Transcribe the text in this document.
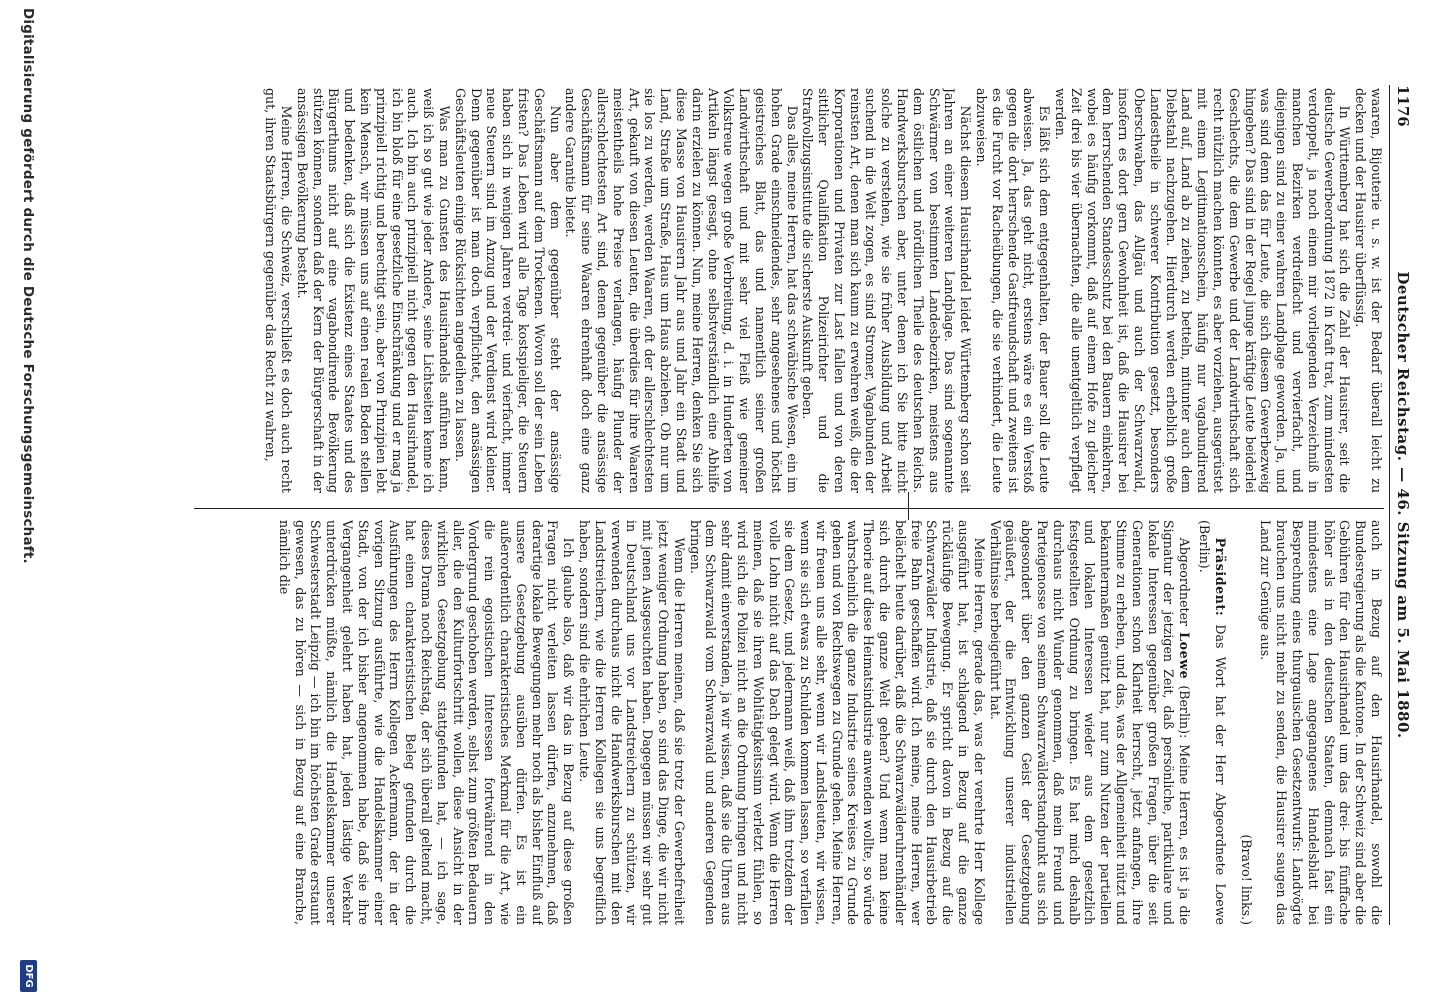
1176
Deutscher Reichstag. — 46. Sitzung am 5. Mai 1880.

waaren, Bijouterie u. s. w. ist der Bedarf überall leicht zu decken und der Hausirer überflüssig.

In Württemberg hat sich die Zahl der Hausirer, seit die deutsche Gewerbeordnung 1872 in Kraft trat, zum mindesten verdoppelt, ja noch einem mir vorliegenden Verzeichniß in manchen Bezirken verdreifacht und vervierfacht, und diejenigen sind zu einer wahren Landplage geworden. Ja, und was sind denn das für Leute, die sich diesem Gewerbezweig hingeben? Das sind in der Regel junge kräftige Leute beiderlei Geschlechts, die dem Gewerbe und der Landwirthschaft sich recht nützlich machen könnten, es aber vorziehen, ausgerüstet mit einem Legitimationsschein, häufig nur vagabundirend Land auf, Land ab zu ziehen, zu betteln, mitunter auch dem Diebstahl nachzugehen. Hierdurch werden erheblich große Landestheile in schwerer Kontribution gesetzt, besonders Oberschwaben, das Allgäu und auch der Schwarzwald, insofern es dort gern Gewohnheit ist, daß die Hausirer bei dem herrschenden Standesschutz bei den Bauern einkehren, wobei es häufig vorkommt, daß auf einem Hofe zu gleicher Zeit drei bis vier übernachten, die alle unentgeltlich verpflegt werden.

Es läßt sich dem entgegenhalten, der Bauer soll die Leute abweisen. Ja, das geht nicht, erstens wäre es ein Verstoß gegen die dort herrschende Gastfreundschaft und zweitens ist es die Furcht vor Racheübungen, die sie verhindert, die Leute abzuweisen.

Nächst diesem Hausirhandel leidet Württemberg schon seit Jahren an einer weiteren Landplage. Das sind sogenannte Schwärmer von bestimmten Landesbezirken, meistens aus dem östlichen und nördlichen Theile des deutschen Reichs. Handwerksburschen aber, unter denen ich Sie bitte nicht solche zu verstehen, wie sie früher Ausbildung und Arbeit suchend in die Welt zogen, es sind Stromer, Vagabunden der reinsten Art, denen man sich kaum zu erwehren weiß, die der Korporationen und Privaten zur Last fallen und von deren sittlicher Qualifikation Polizeirichter und die Strafvollzugsinstitute die sicherste Auskunft geben.

Das alles, meine Herren, hat das schwäbische Wesen, ein im hohen Grade einschneidendes, sehr angesehenes und höchst geistreiches Blatt, das und namentlich seiner großen Landwirthschaft und mit sehr viel Fleiß wie gemeiner Volkstreue wegen große Verbreitung, d. i. in Hunderten von Artikeln längst gesagt, ohne selbstverständlich eine Abhilfe darin erzielen zu können. Nun, meine Herren, denken Sie sich diese Masse von Hausirern Jahr aus und Jahr ein Stadt und Land, Straße um Straße, Haus um Haus abziehen. Ob nur um sie los zu werden, werden Waaren, oft der allerschlechtesten Art, gekauft von diesen Leuten, die überdies für ihre Waaren meistentheils hohe Preise verlangen, häufig Plunder der allerschlechtesten Art sind, denen gegenüber die ansässige Geschäftsmann für seine Waaren ehrenhaft doch eine ganz andere Garantie bietet.

Nun aber dem gegenüber steht der ansässige Geschäftsmann auf dem Trockenen. Wovon soll der sein Leben fristen? Das Leben wird alle Tage kostspieliger, die Steuern haben sich in wenigen Jahren verdrei- und vierfacht, immer neue Steuern sind im Anzug und der Verdienst wird kleiner. Denn gegenüber ist man doch verpflichtet, den ansässigen Geschäftsleuten einige Rücksichten angedeihen zu lassen.

Was man zu Gunsten des Hausirhandels anführen kann, weiß ich so gut wie jeder Andere, seine Lichtseiten kenne ich auch. Ich bin auch prinzipiell nicht gegen den Hausirhandel, ich bin bloß für eine gesetzliche Einschränkung und er mag ja prinzipiell richtig und berechtigt sein, aber von Prinzipien lebt kein Mensch, wir müssen uns auf einen realen Boden stellen und bedenken, daß sich die Existenz eines Staates und des Bürgerthums nicht auf eine vagabondirende Bevölkerung stützen können, sondern daß der Kern der Bürgerschaft in der ansässigen Bevölkerung besteht.

Meine Herren, die Schweiz, verschließt es doch auch recht gut, ihren Staatsbürgern gegenüber das Recht zu wahren,

auch in Bezug auf den Hausirhandel, sowohl die Bundesregierung als die Kantone. In der Schweiz sind aber die Gebühren für den Hausirhandel um das drei- bis fünffache höher als in den deutschen Staaten, demnach fast ein mindestens eine Lage angegangenes Handelsblatt bei Besprechung eines thurgauischen Gesetzentwurfs: Landvögte brauchen uns nicht mehr zu senden, die Hausirer saugen das Land zur Genüge aus.

(Bravo! links.)

Präsident: Das Wort hat der Herr Abgeordnete Loewe (Berlin).

Abgeordneter Loewe (Berlin): Meine Herren, es ist ja die Signatur der jetzigen Zeit, daß persönliche, partikulare und lokale Interessen gegenüber großen Fragen, über die seit Generationen schon Klarheit herrscht, jetzt anfangen, ihre Stimme zu erheben, und das, was der Allgemeinheit nützt und bekanntermaßen genützt hat, nur zum Nutzen der partiellen und lokalen Interessen wieder aus dem gesetzlich festgestellten Ordnung zu bringen. Es hat mich deshalb durchaus nicht Wunder genommen, daß mein Freund und Parteigenosse von seinem Schwarzwälderstandpunkt aus sich abgesondert über den ganzen Geist der Gesetzgebung geäußert, der die Entwicklung unserer industriellen Verhältnisse herbeigeführt hat.

Meine Herren, gerade das, was der verehrte Herr Kollege ausgeführt hat, ist schlagend in Bezug auf die ganze rückläufige Bewegung. Er spricht davon in Bezug auf die Schwarzwälder Industrie, daß sie durch den Hausirbetrieb freie Bahn geschaffen wird. Ich meine, meine Herren, wer belächelt heute darüber, daß die Schwarzwälderuhrenhändler sich durch die ganze Welt gehen? Und wenn man keine Theorie auf diese Heimatsindustrie anwenden wollte, so würde wahrscheinlich die ganze Industrie seines Kreises zu Grunde gehen und von Rechtswegen zu Grunde gehen. Meine Herren, wir freuen uns alle sehr, wenn wir Landsleuten, wir wissen, wenn sie sich etwas zu Schulden kommen lassen, so verfallen sie dem Gesetz, und jedermann weiß, daß ihm trotzdem der volle Lohn nicht auf das Dach gelegt wird. Wenn die Herren meinen, daß sie ihren Wohltätigkeitssinn verletzt fühlen, so wird sich die Polizei nicht an die Ordnung bringen und nicht sehr damit einverstanden, ja wir wissen, daß sie die Uhren aus dem Schwarzwald vom Schwarzwald und anderen Gegenden bringen.

Wenn die Herren meinen, daß sie trotz der Gewerbefreiheit jetzt weniger Ordnung haben, so sind das Dinge, die wir nicht mit jenen Ausgesuchten haben. Dagegen müssen wir sehr gut in Deutschland uns vor Landstreichern zu schützen, wir verwenden durchaus nicht die Handwerksburschen mit den Landstreichern, wie die Herren Kollegen sie uns begreiflich haben, sondern sind die ehrlichen Leute.

Ich glaube also, daß wir das in Bezug auf diese großen Fragen nicht verleiten lassen dürfen, anzunehmen, daß derartige lokale Bewegungen mehr noch als bisher Einfluß auf unsere Gesetzgebung ausüben dürfen. Es ist ein außerordentlich charakteristisches Merkmal für die Art, wie die rein egoistischen Interessen fortwährend in den Vordergrund geschoben werden, selbst zum größten Bedauern aller, die den Kulturfortschritt wollen, diese Ansicht in der wirklichen Gesetzgebung stattgefunden hat, — ich sage, dieses Drama noch Reichstag, der sich überall geltend macht, hat einen charakteristischen Beleg gefunden durch die Ausführungen des Herrn Kollegen Ackermann, der in der vorigen Sitzung ausführte, wie die Handelskammer einer Stadt, von der ich bisher angenommen habe, daß sie ihre Vergangenheit gelehrt haben hat, jeden lästige Verkehr unterdrücken müßte, nämlich die Handelskammer unserer Schwesterstadt Leipzig — ich bin im höchsten Grade erstaunt gewesen, das zu hören — sich in Bezug auf eine Branche, nämlich die

Digitalisierung gefördert durch die Deutsche Forschungsgemeinschaft.
DFG
